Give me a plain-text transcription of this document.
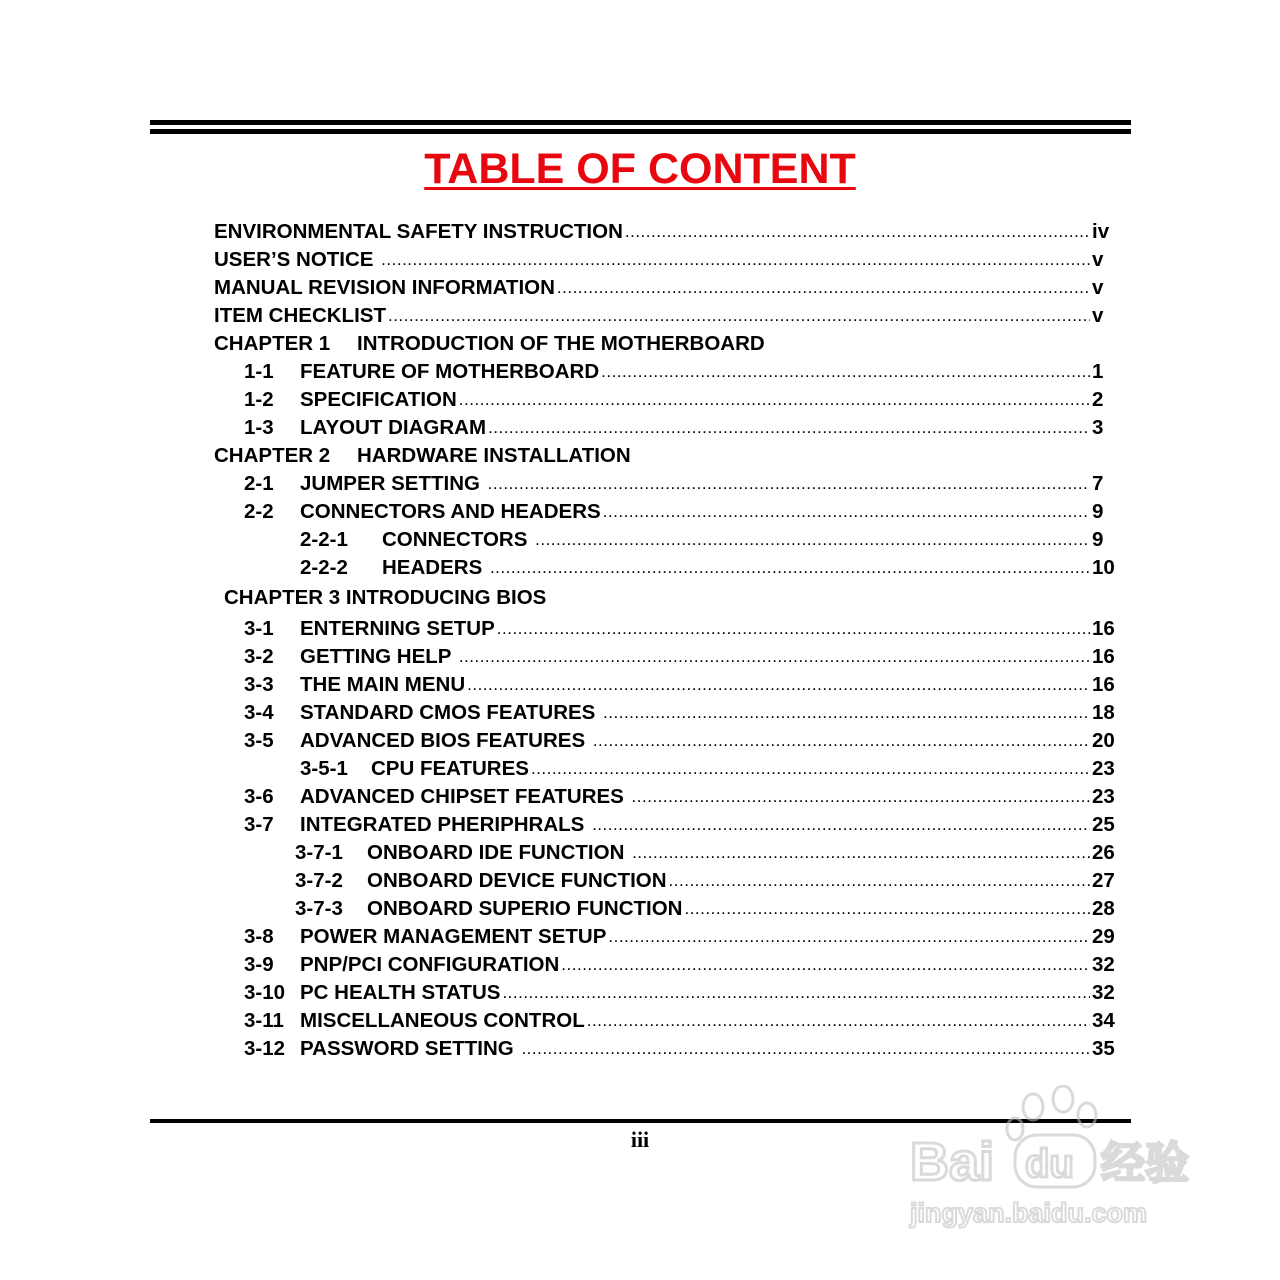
TABLE OF CONTENT
ENVIRONMENTAL SAFETY INSTRUCTION .....	iv
USER’S NOTICE .....	v
MANUAL REVISION INFORMATION .....	v
ITEM CHECKLIST .....	v
CHAPTER 1	INTRODUCTION OF THE MOTHERBOARD
1-1	FEATURE OF MOTHERBOARD .....	1
1-2	SPECIFICATION .....	2
1-3	LAYOUT DIAGRAM .....	3
CHAPTER 2	HARDWARE INSTALLATION
2-1	JUMPER SETTING .....	7
2-2	CONNECTORS AND HEADERS .....	9
2-2-1	CONNECTORS .....	9
2-2-2	HEADERS .....	10
CHAPTER 3 INTRODUCING BIOS
3-1	ENTERNING SETUP .....	16
3-2	GETTING HELP .....	16
3-3	THE MAIN MENU .....	16
3-4	STANDARD CMOS FEATURES .....	18
3-5	ADVANCED BIOS FEATURES .....	20
3-5-1	CPU FEATURES .....	23
3-6	ADVANCED CHIPSET FEATURES .....	23
3-7	INTEGRATED PHERIPHRALS .....	25
3-7-1	ONBOARD IDE FUNCTION .....	26
3-7-2	ONBOARD DEVICE FUNCTION .....	27
3-7-3	ONBOARD SUPERIO FUNCTION .....	28
3-8	POWER MANAGEMENT SETUP .....	29
3-9	PNP/PCI CONFIGURATION .....	32
3-10 PC HEALTH STATUS .....	32
3-11 MISCELLANEOUS CONTROL .....	34
3-12 PASSWORD SETTING .....	35
iii	Bai du 经验
jingyan.baidu.com
